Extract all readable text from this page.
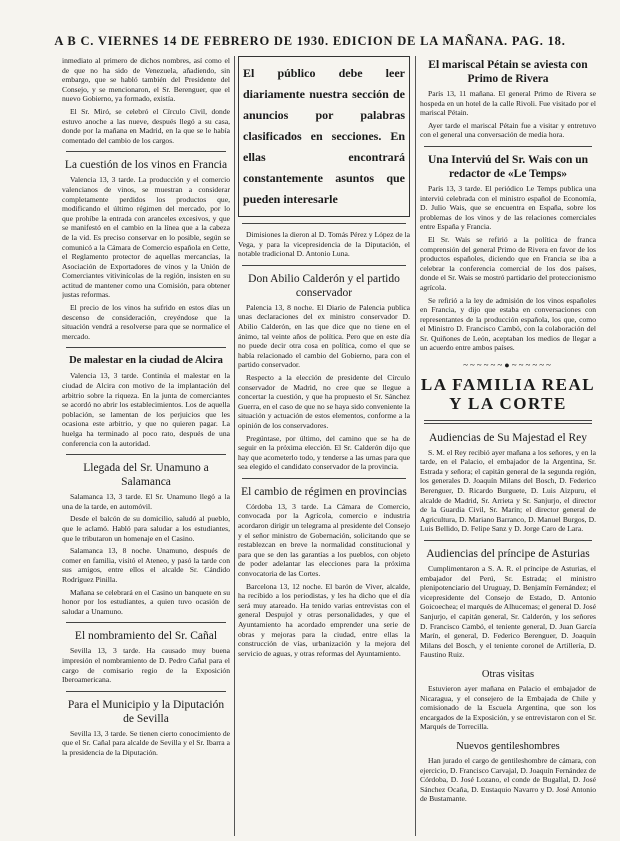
A B C. VIERNES 14 DE FEBRERO DE 1930. EDICION DE LA MAÑANA. PAG. 18.

inmediato al primero de dichos nombres, así como el de que no ha sido de Venezuela, añadiendo, sin embargo, que se habló también del Presidente del Consejo, y se mencionaron, el Sr. Berenguer, que el nuevo Gobierno, ya formado, existía.

El Sr. Miró, se celebró el Círculo Civil, donde estuvo anoche a las nueve, después llegó a su casa, donde por la mañana en Madrid, en la que se le había comentado del cambio de los cargos.

La cuestión de los vinos en Francia

Valencia 13, 3 tarde. La producción y el comercio valencianos de vinos, se muestran a considerar completamente perdidos los productos que, modificando el último régimen del mercado, por lo que prohíbe la entrada con aranceles excesivos, y que se manifestó en el cambio en la línea que a la cabeza de la vid. Es preciso conservar en lo posible, según se comunicó a la Cámara de Comercio española en Cette, el Reglamento protector de aquellas mercancías, la Asociación de Exportadores de vinos y la Unión de Comerciantes vitivinícolas de la región, insisten en su actitud de mantener como una Comisión, para obtener justas reformas.

El precio de los vinos ha sufrido en estos días un descenso de consideración, creyéndose que la situación vendrá a resolverse para que se normalice el mercado.

De malestar en la ciudad de Alcira

Valencia 13, 3 tarde. Continúa el malestar en la ciudad de Alcira con motivo de la implantación del arbitrio sobre la riqueza. En la junta de comerciantes se acordó no abrir los establecimientos. Los de aquella población, se lamentan de los perjuicios que les ocasiona este arbitrio, y que no quieren pagar. La huelga ha terminado al poco rato, después de una conferencia con la autoridad.

Llegada del Sr. Unamuno a Salamanca

Salamanca 13, 3 tarde. El Sr. Unamuno llegó a la una de la tarde, en automóvil.

Desde el balcón de su domicilio, saludó al pueblo, que le aclamó. Habló para saludar a los estudiantes, que le tributaron un homenaje en el Casino.

Salamanca 13, 8 noche. Unamuno, después de comer en familia, visitó el Ateneo, y pasó la tarde con sus amigos, entre ellos el alcalde Sr. Cándido Rodríguez Pinilla.

Mañana se celebrará en el Casino un banquete en su honor por los estudiantes, a quien tuvo ocasión de saludar a Unamuno.

El nombramiento del Sr. Cañal

Sevilla 13, 3 tarde. Ha causado muy buena impresión el nombramiento de D. Pedro Cañal para el cargo de comisario regio de la Exposición Iberoamericana.

Para el Municipio y la Diputación de Sevilla

Sevilla 13, 3 tarde. Se tienen cierto conocimiento de que el Sr. Cañal para alcalde de Sevilla y el Sr. Ibarra a la presidencia de la Diputación.

El público debe leer diariamente nuestra sección de anuncios por palabras clasificados en secciones. En ellas encontrará constantemente asuntos que pueden interesarle

Dimisiones la dieron al D. Tomás Pérez y López de la Vega, y para la vicepresidencia de la Diputación, el notable tradicional D. Antonio Luna.

Don Abilio Calderón y el partido conservador

Palencia 13, 8 noche. El Diario de Palencia publica unas declaraciones del ex ministro conservador D. Abilio Calderón, en las que dice que no tiene en el ánimo, tal veinte años de política. Pero que en este día no puede decir otra cosa en política, como el que se había relacionado el cambio del Gobierno, para con el partido conservador.

Respecto a la elección de presidente del Círculo conservador de Madrid, no cree que se llegue a concertar la cuestión, y que ha propuesto el Sr. Sánchez Guerra, en el caso de que no se haya sido conveniente la situación y actuación de estos elementos, conforme a la opinión de los conservadores.

Pregúntase, por último, del camino que se ha de seguir en la próxima elección. El Sr. Calderón dijo que hay que acometerlo todo, y tenderse a las urnas para que sea elegido el candidato conservador de la provincia.

El cambio de régimen en provincias

Córdoba 13, 3 tarde. La Cámara de Comercio, convocada por la Agrícola, comercio e industria acordaron dirigir un telegrama al presidente del Consejo y el señor ministro de Gobernación, solicitando que se restablezcan en breve la normalidad constitucional y para que se den las garantías a los pueblos, con objeto de poder adelantar las elecciones para la próxima convocatoria de las Cortes.

Barcelona 13, 12 noche. El barón de Viver, alcalde, ha recibido a los periodistas, y les ha dicho que el día será muy atareado. Ha tenido varias entrevistas con el general Despujol y otras personalidades, y que el Ayuntamiento ha acordado emprender una serie de obras y mejoras para la ciudad, entre ellas la construcción de vías, urbanización y la mejora del servicio de aguas, y otras reformas del Ayuntamiento.

El mariscal Pétain se aviesta con Primo de Rivera

París 13, 11 mañana. El general Primo de Rivera se hospeda en un hotel de la calle Rivoli. Fue visitado por el mariscal Pétain.

Ayer tarde el mariscal Pétain fue a visitar y entretuvo con el general una conversación de media hora.

Una Interviú del Sr. Wais con un redactor de «Le Temps»

París 13, 3 tarde. El periódico Le Temps publica una interviú celebrada con el ministro español de Economía, D. Julio Wais, que se encuentra en España, sobre los problemas de los vinos y de las relaciones comerciales entre España y Francia.

El Sr. Wais se refirió a la política de franca comprensión del general Primo de Rivera en favor de los productos españoles, diciendo que en Francia se iba a celebrar la conferencia comercial de los dos países, donde el Sr. Wais se mostró partidario del proteccionismo agrícola.

Se refirió a la ley de admisión de los vinos españoles en Francia, y dijo que estaba en conversaciones con representantes de la producción española, los que, como el Ministro D. Francisco Cambó, con la colaboración del Sr. Quiñones de León, aceptaban los medios de llegar a un acuerdo entre ambos países.

~~~~~~●~~~~~~
LA FAMILIA REAL Y LA CORTE
Audiencias de Su Majestad el Rey

S. M. el Rey recibió ayer mañana a los señores, y en la tarde, en el Palacio, el embajador de la Argentina, Sr. Estrada y señora; el capitán general de la segunda región, los generales D. Joaquín Milans del Bosch, D. Federico Berenguer, D. Ricardo Burguete, D. Luis Aizpuru, el alcalde de Madrid, Sr. Arrieta y Sr. Sanjurjo, el director de la Guardia Civil, Sr. Marín; el director general de Agricultura, D. Mariano Barranco, D. Manuel Burgos, D. Luis Bellido, D. Felipe Sanz y D. Jorge Caro de Lara.

Audiencias del príncipe de Asturias

Cumplimentaron a S. A. R. el príncipe de Asturias, el embajador del Perú, Sr. Estrada; el ministro plenipotenciario del Uruguay, D. Benjamín Fernández; el vicepresidente del Consejo de Estado, D. Antonio Goicoechea; el marqués de Alhucemas; el general D. José Sanjurjo, el capitán general, Sr. Calderón, y los señores D. Francisco Cambó, el teniente general, D. Juan García Marín, el general, D. Federico Berenguer, D. Joaquín Milans del Bosch, y el teniente coronel de Artillería, D. Faustino Ruiz.

Otras visitas

Estuvieron ayer mañana en Palacio el embajador de Nicaragua, y el consejero de la Embajada de Chile y comisionado de la Escuela Argentina, que son los encargados de la Exposición, y se entrevistaron con el Sr. Marqués de Torrecilla.

Nuevos gentileshombres

Han jurado el cargo de gentileshombre de cámara, con ejercicio, D. Francisco Carvajal, D. Joaquín Fernández de Córdoba, D. José Lozano, el conde de Bugallal, D. José Sánchez Ocaña, D. Eustaquio Navarro y D. José Antonio de Bustamante.
